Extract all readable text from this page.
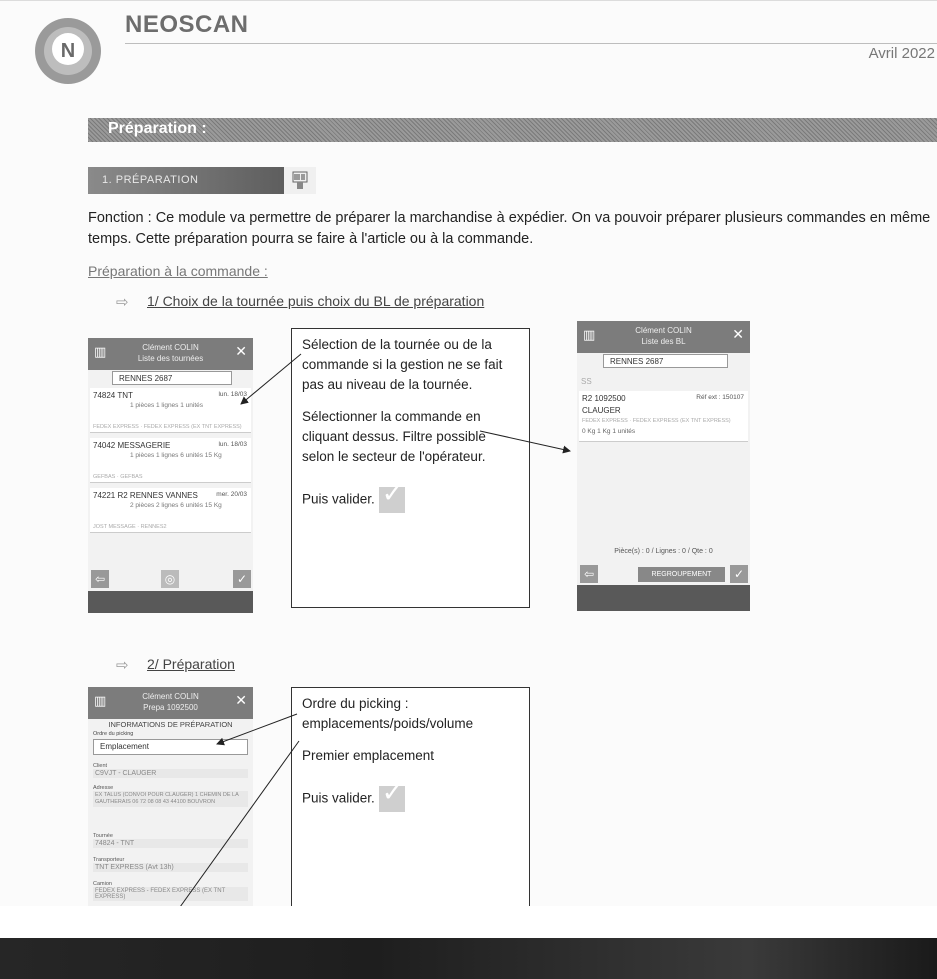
N
NEOSCAN
Avril 2022
Préparation :
1. PRÉPARATION
Fonction : Ce module va permettre de préparer la marchandise à expédier. On va pouvoir préparer plusieurs commandes en même temps. Cette préparation pourra se faire à l'article ou à la commande.
Préparation à la commande :
⇨ 1/ Choix de la tournée puis choix du BL de préparation
▥	Clément COLIN
Liste des tournées	✕
RENNES 2687
74824 TNT	lun. 18/03
1 pièces 1 lignes 1 unités
FEDEX EXPRESS · FEDEX EXPRESS (EX TNT EXPRESS)
74042 MESSAGERIE	lun. 18/03
1 pièces 1 lignes 6 unités 15 Kg
GEFBAS · GEFBAS
74221 R2 RENNES VANNES	mer. 20/03
2 pièces 2 lignes 6 unités 15 Kg
JOST MESSAGE · RENNES2
⇦	◎	✓

Sélection de la tournée ou de la commande si la gestion ne se fait pas au niveau de la tournée.

Sélectionner la commande en cliquant dessus. Filtre possible selon le secteur de l'opérateur.

Puis valider.✓

▥	Clément COLIN
Liste des BL	✕
RENNES 2687
SS
R2 1092500	Réf ext : 150107
CLAUGER
FEDEX EXPRESS · FEDEX EXPRESS (EX TNT EXPRESS)
0 Kg 1 Kg 1 unités
Pièce(s) : 0 / Lignes : 0 / Qte : 0
⇦	REGROUPEMENT	✓
⇨ 2/ Préparation
▥	Clément COLIN
Prepa 1092500	✕
INFORMATIONS DE PRÉPARATION
Ordre du picking
Emplacement
Client
C9VJT - CLAUGER
Adresse
EX TALUS (CONVOI POUR CLAUGER) 1 CHEMIN DE LA GAUTHERAIS 06 72 08 08 43 44100 BOUVRON
Tournée
74824 - TNT
Transporteur
TNT EXPRESS (Avt 13h)
Camion
FEDEX EXPRESS - FEDEX EXPRESS (EX TNT EXPRESS)

Ordre du picking : emplacements/poids/volume

Premier emplacement

Puis valider.✓
